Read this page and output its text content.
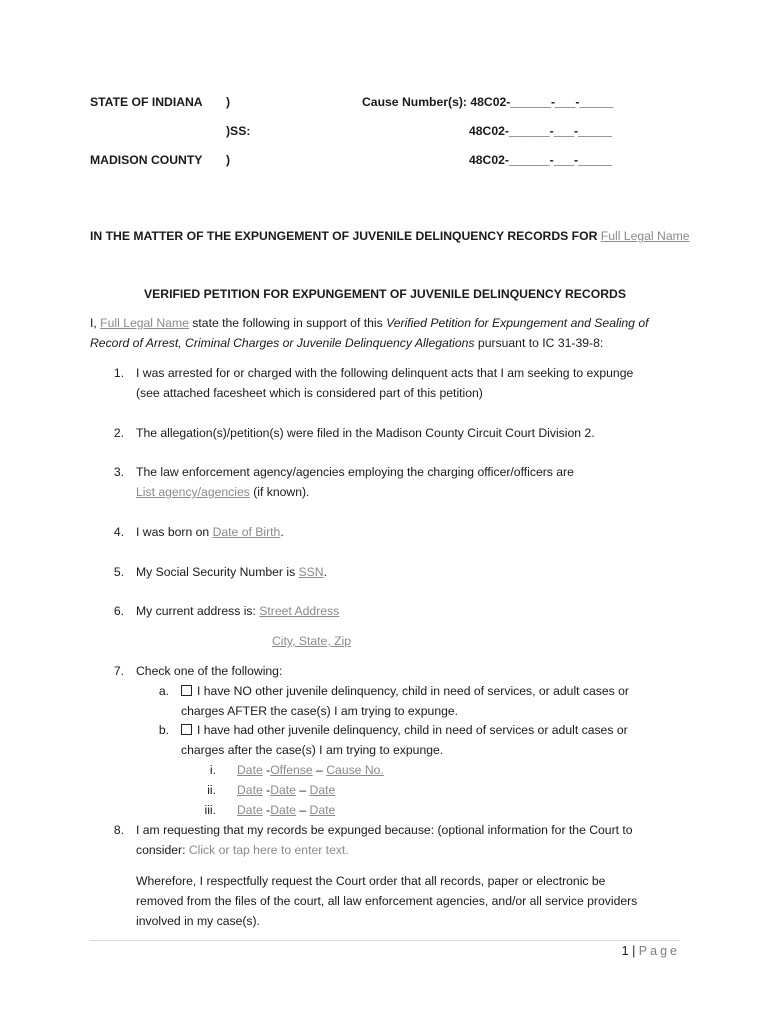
STATE OF INDIANA )	Cause Number(s): 48C02-______-___-_____
)SS:	48C02-______-___-_____
MADISON COUNTY )	48C02-______-___-_____
IN THE MATTER OF THE EXPUNGEMENT OF JUVENILE DELINQUENCY RECORDS FOR Full Legal Name
VERIFIED PETITION FOR EXPUNGEMENT OF JUVENILE DELINQUENCY RECORDS
I, Full Legal Name state the following in support of this Verified Petition for Expungement and Sealing of
Record of Arrest, Criminal Charges or Juvenile Delinquency Allegations pursuant to IC 31-39-8:
1. I was arrested for or charged with the following delinquent acts that I am seeking to expunge
(see attached facesheet which is considered part of this petition)
2. The allegation(s)/petition(s) were filed in the Madison County Circuit Court Division 2.
3. The law enforcement agency/agencies employing the charging officer/officers are
List agency/agencies (if known).
4. I was born on Date of Birth.
5. My Social Security Number is SSN.
6. My current address is: Street Address
City, State, Zip
7. Check one of the following:
a.	I have NO other juvenile delinquency, child in need of services, or adult cases or
charges AFTER the case(s) I am trying to expunge.
b.	I have had other juvenile delinquency, child in need of services or adult cases or
charges after the case(s) I am trying to expunge.
i. Date -Offense – Cause No.
ii. Date -Date – Date
iii. Date -Date – Date
8. I am requesting that my records be expunged because: (optional information for the Court to
consider: Click or tap here to enter text.
Wherefore, I respectfully request the Court order that all records, paper or electronic be
removed from the files of the court, all law enforcement agencies, and/or all service providers
involved in my case(s).
1 | Page
